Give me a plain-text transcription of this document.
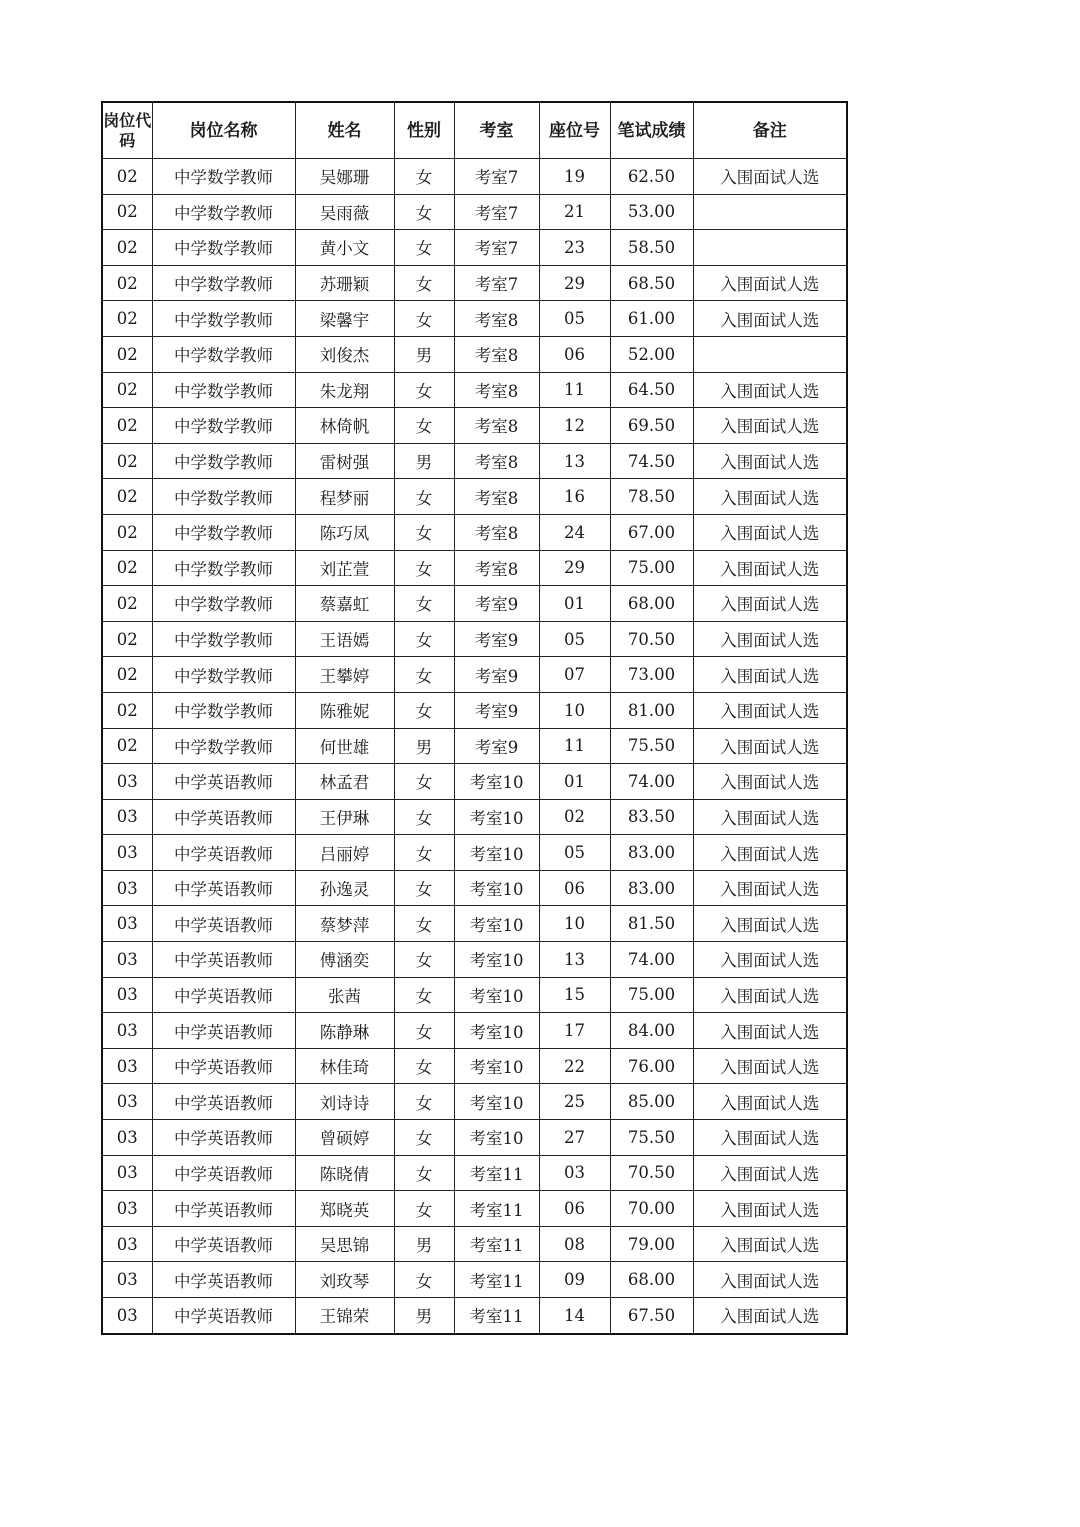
岗位代码	岗位名称	姓名	性别	考室	座位号	笔试成绩	备注
02	中学数学教师	吴娜珊	女	考室7	19	62.50	入围面试人选
02	中学数学教师	吴雨薇	女	考室7	21	53.00	
02	中学数学教师	黄小文	女	考室7	23	58.50	
02	中学数学教师	苏珊颖	女	考室7	29	68.50	入围面试人选
02	中学数学教师	梁馨宇	女	考室8	05	61.00	入围面试人选
02	中学数学教师	刘俊杰	男	考室8	06	52.00	
02	中学数学教师	朱龙翔	女	考室8	11	64.50	入围面试人选
02	中学数学教师	林倚帆	女	考室8	12	69.50	入围面试人选
02	中学数学教师	雷树强	男	考室8	13	74.50	入围面试人选
02	中学数学教师	程梦丽	女	考室8	16	78.50	入围面试人选
02	中学数学教师	陈巧凤	女	考室8	24	67.00	入围面试人选
02	中学数学教师	刘芷萱	女	考室8	29	75.00	入围面试人选
02	中学数学教师	蔡嘉虹	女	考室9	01	68.00	入围面试人选
02	中学数学教师	王语嫣	女	考室9	05	70.50	入围面试人选
02	中学数学教师	王攀婷	女	考室9	07	73.00	入围面试人选
02	中学数学教师	陈雅妮	女	考室9	10	81.00	入围面试人选
02	中学数学教师	何世雄	男	考室9	11	75.50	入围面试人选
03	中学英语教师	林孟君	女	考室10	01	74.00	入围面试人选
03	中学英语教师	王伊琳	女	考室10	02	83.50	入围面试人选
03	中学英语教师	吕丽婷	女	考室10	05	83.00	入围面试人选
03	中学英语教师	孙逸灵	女	考室10	06	83.00	入围面试人选
03	中学英语教师	蔡梦萍	女	考室10	10	81.50	入围面试人选
03	中学英语教师	傅涵奕	女	考室10	13	74.00	入围面试人选
03	中学英语教师	张茜	女	考室10	15	75.00	入围面试人选
03	中学英语教师	陈静琳	女	考室10	17	84.00	入围面试人选
03	中学英语教师	林佳琦	女	考室10	22	76.00	入围面试人选
03	中学英语教师	刘诗诗	女	考室10	25	85.00	入围面试人选
03	中学英语教师	曾硕婷	女	考室10	27	75.50	入围面试人选
03	中学英语教师	陈晓倩	女	考室11	03	70.50	入围面试人选
03	中学英语教师	郑晓英	女	考室11	06	70.00	入围面试人选
03	中学英语教师	吴思锦	男	考室11	08	79.00	入围面试人选
03	中学英语教师	刘玫琴	女	考室11	09	68.00	入围面试人选
03	中学英语教师	王锦荣	男	考室11	14	67.50	入围面试人选
